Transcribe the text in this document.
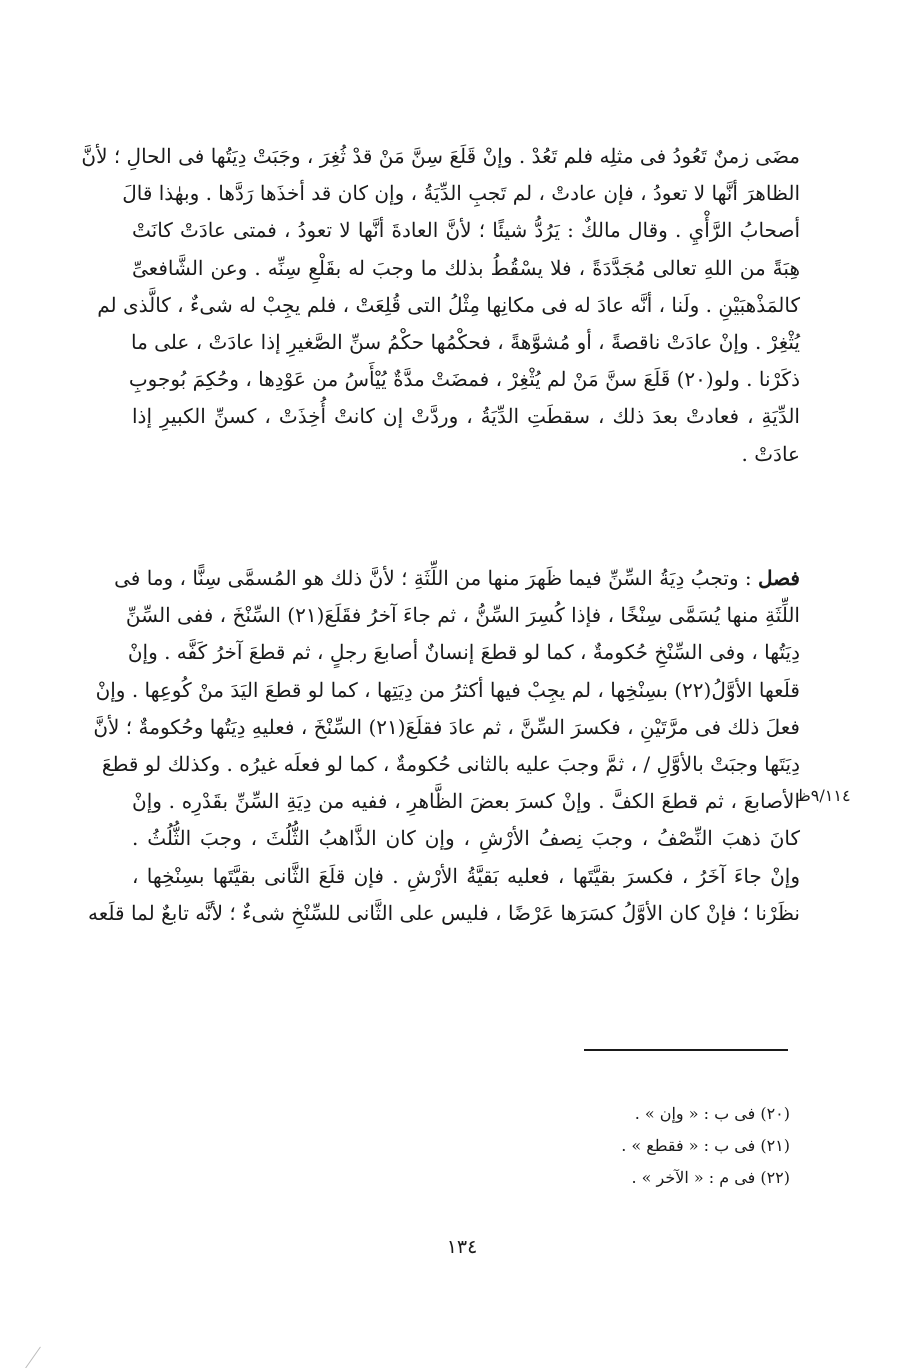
مضَى زمنٌ تَعُودُ فى مثلِه فلم تَعُدْ . وإنْ قَلَعَ سِنَّ مَنْ قدْ ثُغِرَ ، وجَبَتْ دِيَتُها فى الحالِ ؛ لأنَّ
الظاهرَ أنَّها لا تعودُ ، فإن عادتْ ، لم تَجبِ الدِّيَةُ ، وإن كان قد أخذَها رَدَّها . وبهٰذا قالَ
أصحابُ الرَّأْيِ . وقال مالكٌ : يَرُدُّ شيئًا ؛ لأنَّ العادةَ أنَّها لا تعودُ ، فمتى عادَتْ كانَتْ
هِبَةً من اللهِ تعالى مُجَدَّدَةً ، فلا يسْقُطُ بذلك ما وجبَ له بقَلْعِ سِنِّه . وعن الشَّافعىِّ
كالمَذْهبَيْنِ . ولَنا ، أنَّه عادَ له فى مكانِها مِثْلُ التى قُلِعَتْ ، فلم يجِبْ له شىءٌ ، كالَّذى لم
يُثْغِرْ . وإنْ عادَتْ ناقصةً ، أو مُشوَّهةً ، فحكْمُها حكْمُ سنِّ الصَّغيرِ إذا عادَتْ ، على ما
ذكَرْنا . ولو(٢٠) قَلَعَ سنَّ مَنْ لم يُثْغِرْ ، فمضَتْ مدَّةٌ يُيْأَسُ من عَوْدِها ، وحُكِمَ بُوجوبِ
الدِّيَةِ ، فعادتْ بعدَ ذلك ، سقطَتِ الدِّيَةُ ، وردَّتْ إن كانتْ أُخِذَتْ ، كسنِّ الكبيرِ إذا
عادَتْ .
فصل : وتجبُ دِيَةُ السِّنِّ فيما ظَهرَ منها من اللِّثَةِ ؛ لأنَّ ذلك هو المُسمَّى سِنًّا ، وما فى
اللِّثَةِ منها يُسَمَّى سِنْخًا ، فإذا كُسِرَ السِّنُّ ، ثم جاءَ آخرُ فقَلَعَ(٢١) السِّنْخَ ، ففى السِّنِّ
دِيَتُها ، وفى السِّنْخِ حُكومةٌ ، كما لو قطعَ إنسانٌ أصابعَ رجلٍ ، ثم قطعَ آخرُ كَفَّه . وإنْ
قلَعها الأوَّلُ(٢٢) بسِنْخِها ، لم يجِبْ فيها أكثرُ من دِيَتِها ، كما لو قطعَ اليَدَ منْ كُوعِها . وإنْ
فعلَ ذلك فى مرَّتَيْنِ ، فكسرَ السِّنَّ ، ثم عادَ فقلَعَ(٢١) السِّنْخَ ، فعليهِ دِيَتُها وحُكومةٌ ؛ لأنَّ
دِيَتَها وجبَتْ بالأوَّلِ / ، ثمَّ وجبَ عليه بالثانى حُكومةٌ ، كما لو فعلَه غيرُه . وكذلك لو قطعَ
الأصابعَ ، ثم قطعَ الكفَّ . وإنْ كسرَ بعضَ الظَّاهرِ ، ففيه من دِيَةِ السِّنِّ بقَدْرِه . وإنْ
كانَ ذهبَ النِّصْفُ ، وجبَ نِصفُ الأرْشِ ، وإن كان الذَّاهبُ الثُّلُثَ ، وجبَ الثُّلُثُ .
وإنْ جاءَ آخَرُ ، فكسرَ بقيَّتَها ، فعليه بَقيَّةُ الأرْشِ . فإن قلَعَ الثَّانى بقيَّتَها بسِنْخِها ،
نظَرْنا ؛ فإنْ كان الأوَّلُ كسَرَها عَرْضًا ، فليس على الثَّانى للسِّنْخِ شىءٌ ؛ لأنَّه تابعٌ لما قلَعه
٩/١١٤ظ
(٢٠) فى ب : « وإن » .
(٢١) فى ب : « فقطع » .
(٢٢) فى م : « الآخر » .
١٣٤
